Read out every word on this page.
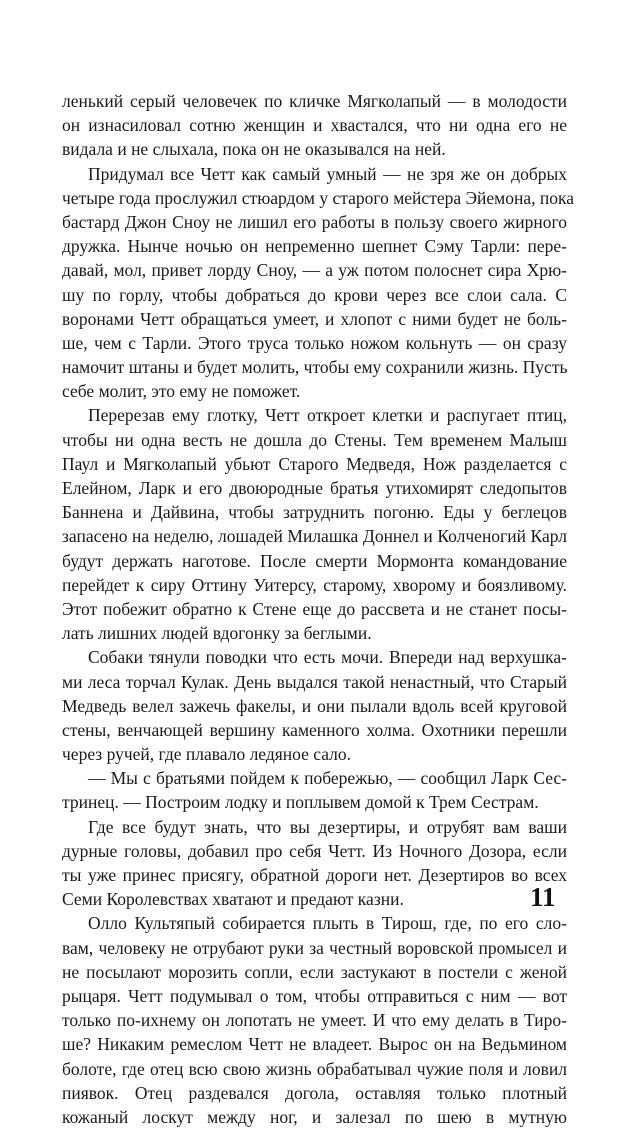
ленький серый человечек по кличке Мягколапый — в молодости
он изнасиловал сотню женщин и хвастался, что ни одна его не
видала и не слыхала, пока он не оказывался на ней.
Придумал все Четт как самый умный — не зря же он добрых
четыре года прослужил стюардом у старого мейстера Эйемона, пока
бастард Джон Сноу не лишил его работы в пользу своего жирного
дружка. Нынче ночью он непременно шепнет Сэму Тарли: пере-
давай, мол, привет лорду Сноу, — а уж потом полоснет сира Хрю-
шу по горлу, чтобы добраться до крови через все слои сала. С
воронами Четт обращаться умеет, и хлопот с ними будет не боль-
ше, чем с Тарли. Этого труса только ножом кольнуть — он сразу
намочит штаны и будет молить, чтобы ему сохранили жизнь. Пусть
себе молит, это ему не поможет.
Перерезав ему глотку, Четт откроет клетки и распугает птиц,
чтобы ни одна весть не дошла до Стены. Тем временем Малыш
Паул и Мягколапый убьют Старого Медведя, Нож разделается с
Елейном, Ларк и его двоюродные братья утихомирят следопытов
Баннена и Дайвина, чтобы затруднить погоню. Еды у беглецов
запасено на неделю, лошадей Милашка Доннел и Колченогий Карл
будут держать наготове. После смерти Мормонта командование
перейдет к сиру Оттину Уитерсу, старому, хворому и боязливому.
Этот побежит обратно к Стене еще до рассвета и не станет посы-
лать лишних людей вдогонку за беглыми.
Собаки тянули поводки что есть мочи. Впереди над верхушка-
ми леса торчал Кулак. День выдался такой ненастный, что Старый
Медведь велел зажечь факелы, и они пылали вдоль всей круговой
стены, венчающей вершину каменного холма. Охотники перешли
через ручей, где плавало ледяное сало.
— Мы с братьями пойдем к побережью, — сообщил Ларк Сес-
тринец. — Построим лодку и поплывем домой к Трем Сестрам.
Где все будут знать, что вы дезертиры, и отрубят вам ваши
дурные головы, добавил про себя Четт. Из Ночного Дозора, если
ты уже принес присягу, обратной дороги нет. Дезертиров во всех
Семи Королевствах хватают и предают казни.
Олло Культяпый собирается плыть в Тирош, где, по его сло-
вам, человеку не отрубают руки за честный воровской промысел и
не посылают морозить сопли, если застукают в постели с женой
рыцаря. Четт подумывал о том, чтобы отправиться с ним — вот
только по-ихнему он лопотать не умеет. И что ему делать в Тиро-
ше? Никаким ремеслом Четт не владеет. Вырос он на Ведьмином
болоте, где отец всю свою жизнь обрабатывал чужие поля и ловил
пиявок. Отец раздевался догола, оставляя только плотный
кожаный лоскут между ног, и залезал по шею в мутную
11
